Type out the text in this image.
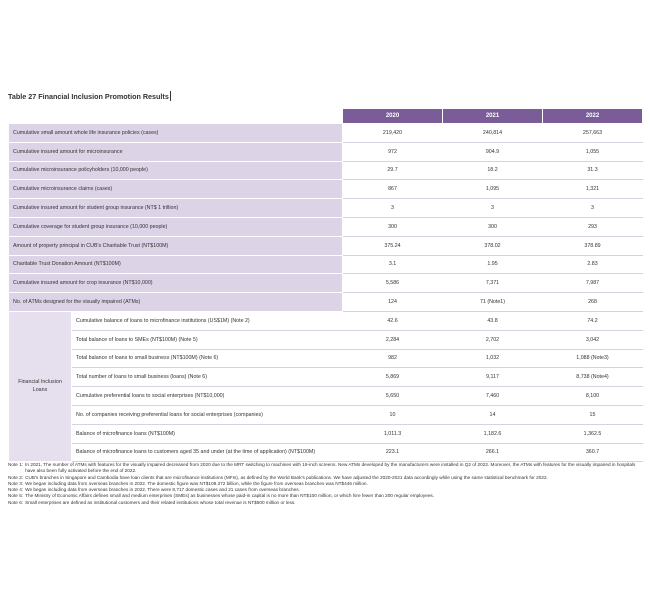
Table 27 Financial Inclusion Promotion Results
		2020	2021	2022
Cumulative small amount whole life insurance policies (cases)		219,420	240,814	257,663
Cumulative insured amount for microinsurance		972	904.9	1,055
Cumulative microinsurance policyholders (10,000 people)		29.7	18.2	31.3
Cumulative microinsurance claims (cases)		867	1,095	1,321
Cumulative insured amount for student group insurance (NT$ 1 trillion)		3	3	3
Cumulative coverage for student group insurance (10,000 people)		300	300	293
Amount of property principal in CUB's Charitable Trust (NT$100M)		375.24	378.02	378.89
Charitable Trust Donation Amount (NT$100M)		3.1	1.95	2.83
Cumulative insured amount for crop insurance (NT$10,000)		5,586	7,371	7,987
No. of ATMs designed for the visually impaired (ATMs)		124	71 (Note1)	268
Financial Inclusion
Loans	Cumulative balance of loans to microfinance institutions (US$1M) (Note 2)	42.6	43.8	74.2
	Total balance of loans to SMEs (NT$100M) (Note 5)	2,284	2,702	3,042
	Total balance of loans to small business (NT$100M) (Note 6)	982	1,032	1,088 (Note3)
	Total number of loans to small business (loans) (Note 6)	5,869	9,117	8,738 (Note4)
	Cumulative preferential loans to social enterprises (NT$10,000)	5,650	7,460	8,100
	No. of companies receiving preferential loans for social enterprises (companies)	10	14	15
	Balance of microfinance loans (NT$100M)	1,011.3	1,182.6	1,362.5
	Balance of microfinance loans to customers aged 35 and under (at the time of application) (NT$100M)	223.1	266.1	360.7
Note 1: In 2021, The number of ATMs with features for the visually impaired decreased from 2020 due to the MRT switching to machines with 19-inch screens. New ATMs developed by the manufacturers were installed in Q2 of 2022. Moreover, the ATMs with features for the visually impaired in hospitals have also been fully activated before the end of 2022.
Note 2: CUB's branches in Singapore and Cambodia have loan clients that are microfinance institutions (MFIs), as defined by the World Bank's publications. We have adjusted the 2020-2021 data accordingly while using the same statistical benchmark for 2022.
Note 3: We began including data from overseas branches in 2022. The domestic figure was NT$108.372 billion, while the figure from overseas branches was NT$446 million.
Note 4: We began including data from overseas branches in 2022. There were 8,717 domestic cases and 21 cases from overseas branches.
Note 5: The Ministry of Economic Affairs defines small and medium enterprises (SMEs) as businesses whose paid-in capital is no more than NT$100 million, or which hire fewer than 200 regular employees.
Note 6: Small enterprises are defined as institutional customers and their related institutions whose total revenue is NT$500 million or less.
